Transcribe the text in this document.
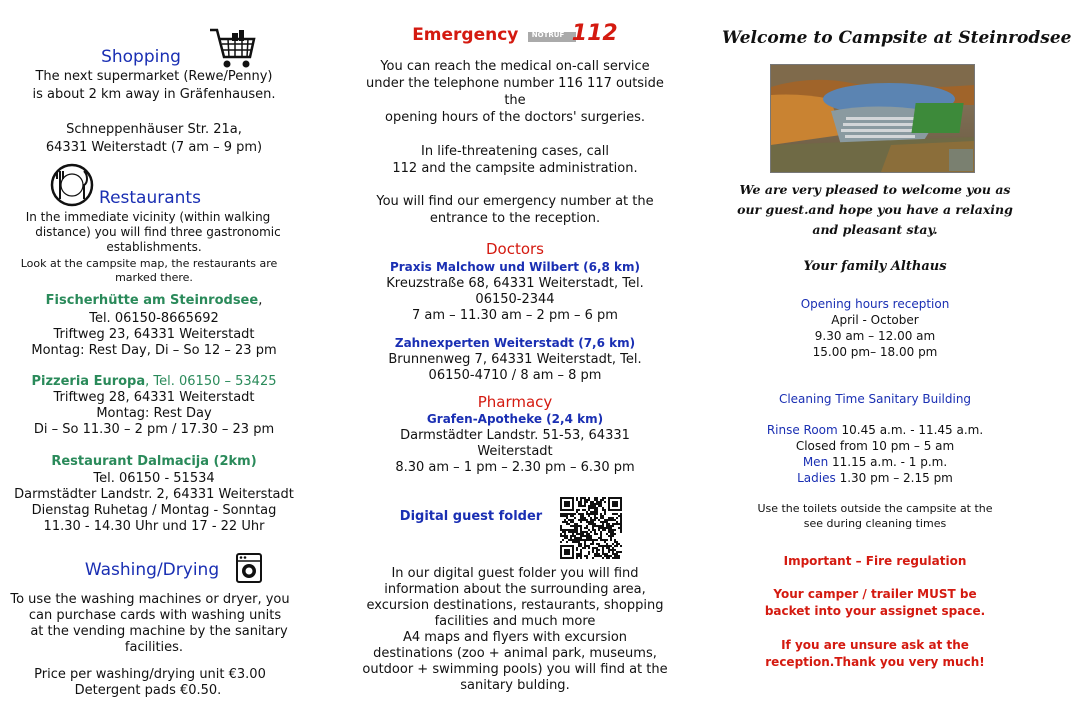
Shopping
The next supermarket (Rewe/Penny)
is about 2 km away in Gräfenhausen.
Schneppenhäuser Str. 21a,
64331 Weiterstadt (7 am – 9 pm)
Restaurants
In the immediate vicinity (within walking
distance) you will find three gastronomic
establishments.
Look at the campsite map, the restaurants are
marked there.
Fischerhütte am Steinrodsee,
Tel. 06150-8665692
Triftweg 23, 64331 Weiterstadt
Montag: Rest Day, Di – So 12 – 23 pm
Pizzeria Europa, Tel. 06150 – 53425
Triftweg 28, 64331 Weiterstadt
Montag: Rest Day
Di – So 11.30 – 2 pm / 17.30 – 23 pm
Restaurant Dalmacija (2km)
Tel. 06150 - 51534
Darmstädter Landstr. 2, 64331 Weiterstadt
Dienstag Ruhetag / Montag - Sonntag
11.30 - 14.30 Uhr und 17 - 22 Uhr
Washing/Drying
To use the washing machines or dryer, you
can purchase cards with washing units
at the vending machine by the sanitary
facilities.
Price per washing/drying unit €3.00
Detergent pads €0.50.
Emergency NOTRUF 112
You can reach the medical on-call service
under the telephone number 116 117 outside
the
opening hours of the doctors' surgeries.
In life-threatening cases, call
112 and the campsite administration.
You will find our emergency number at the
entrance to the reception.
Doctors
Praxis Malchow und Wilbert (6,8 km)
Kreuzstraße 68, 64331 Weiterstadt, Tel.
06150-2344
7 am – 11.30 am – 2 pm – 6 pm
Zahnexperten Weiterstadt (7,6 km)
Brunnenweg 7, 64331 Weiterstadt, Tel.
06150-4710 / 8 am – 8 pm
Pharmacy
Grafen-Apotheke (2,4 km)
Darmstädter Landstr. 51-53, 64331
Weiterstadt
8.30 am – 1 pm – 2.30 pm – 6.30 pm
Digital guest folder
In our digital guest folder you will find
information about the surrounding area,
excursion destinations, restaurants, shopping
facilities and much more
A4 maps and flyers with excursion
destinations (zoo + animal park, museums,
outdoor + swimming pools) you will find at the
sanitary bulding.
Welcome to Campsite at Steinrodsee
We are very pleased to welcome you as
our guest.and hope you have a relaxing
and pleasant stay.
Your family Althaus
Opening hours reception
April - October
9.30 am – 12.00 am
15.00 pm– 18.00 pm
Cleaning Time Sanitary Building
Rinse Room 10.45 a.m. - 11.45 a.m.
Closed from 10 pm – 5 am
Men 11.15 a.m. - 1 p.m.
Ladies 1.30 pm – 2.15 pm
Use the toilets outside the campsite at the
see during cleaning times
Important – Fire regulation
Your camper / trailer MUST be
backet into your assignet space.
If you are unsure ask at the
reception.Thank you very much!
